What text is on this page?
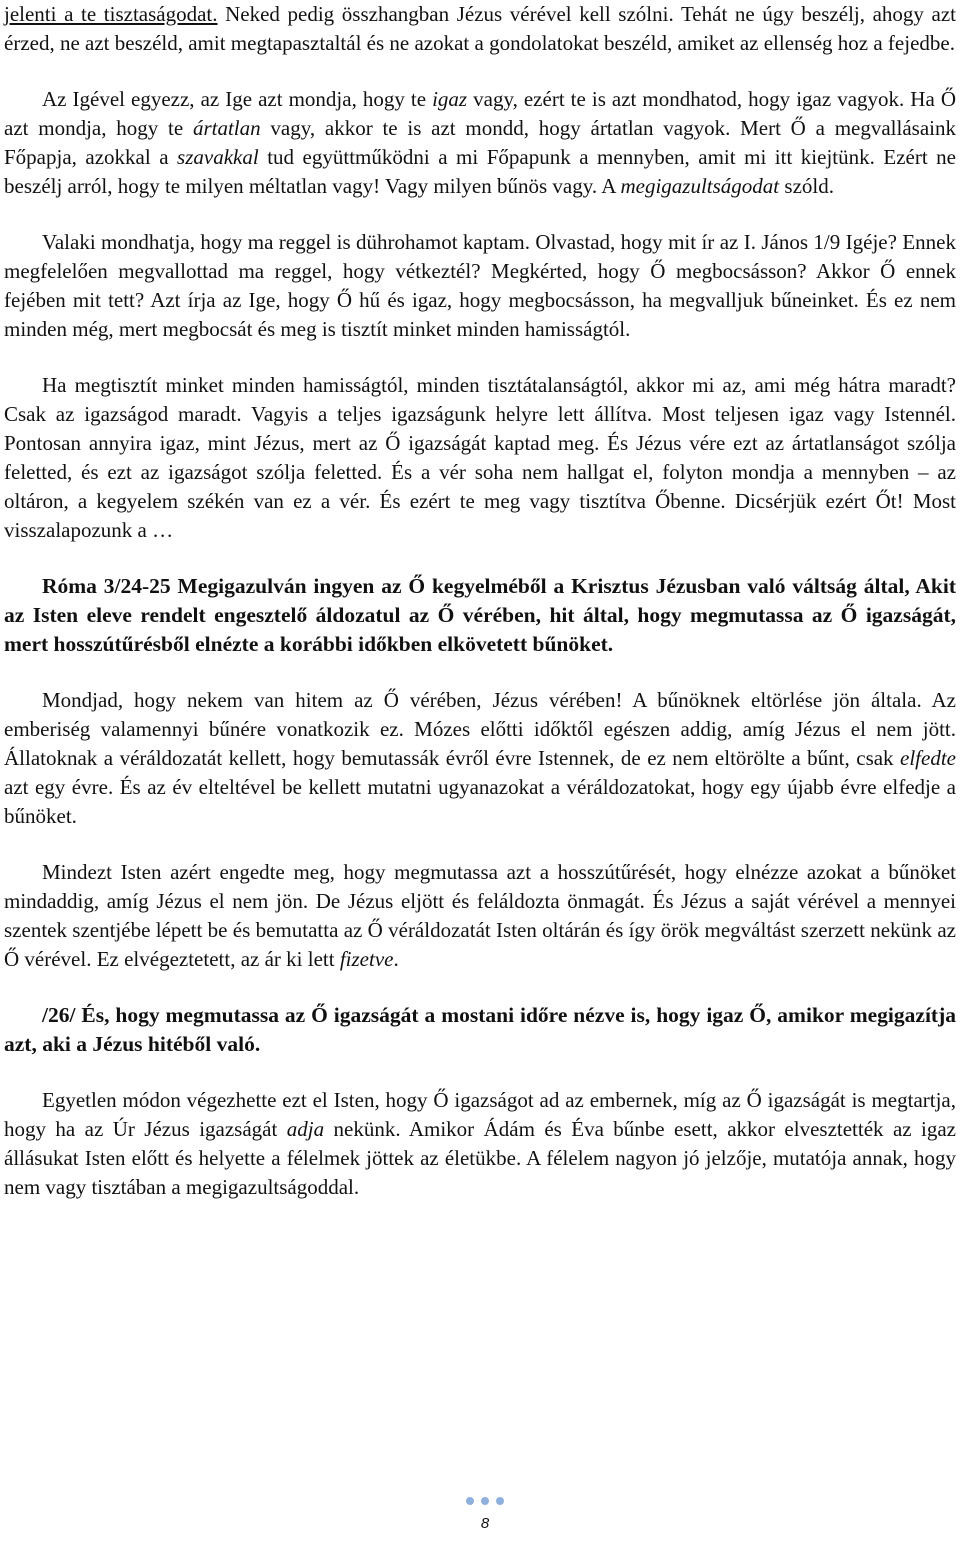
jelenti a te tisztaságodat. Neked pedig összhangban Jézus vérével kell szólni. Tehát ne úgy beszélj, ahogy azt érzed, ne azt beszéld, amit megtapasztaltál és ne azokat a gondolatokat beszéld, amiket az ellenség hoz a fejedbe.

Az Igével egyezz, az Ige azt mondja, hogy te igaz vagy, ezért te is azt mondhatod, hogy igaz vagyok. Ha Ő azt mondja, hogy te ártatlan vagy, akkor te is azt mondd, hogy ártatlan vagyok. Mert Ő a megvallásaink Főpapja, azokkal a szavakkal tud együttműködni a mi Főpapunk a mennyben, amit mi itt kiejtünk. Ezért ne beszélj arról, hogy te milyen méltatlan vagy! Vagy milyen bűnös vagy. A megigazultságodat szóld.

Valaki mondhatja, hogy ma reggel is dührohamot kaptam. Olvastad, hogy mit ír az I. János 1/9 Igéje? Ennek megfelelően megvallottad ma reggel, hogy vétkeztél? Megkérted, hogy Ő megbocsásson? Akkor Ő ennek fejében mit tett? Azt írja az Ige, hogy Ő hű és igaz, hogy megbocsásson, ha megvalljuk bűneinket. És ez nem minden még, mert megbocsát és meg is tisztít minket minden hamisságtól.

Ha megtisztít minket minden hamisságtól, minden tisztátalanságtól, akkor mi az, ami még hátra maradt? Csak az igazságod maradt. Vagyis a teljes igazságunk helyre lett állítva. Most teljesen igaz vagy Istennél. Pontosan annyira igaz, mint Jézus, mert az Ő igazságát kaptad meg. És Jézus vére ezt az ártatlanságot szólja feletted, és ezt az igazságot szólja feletted. És a vér soha nem hallgat el, folyton mondja a mennyben – az oltáron, a kegyelem székén van ez a vér. És ezért te meg vagy tisztítva Őbenne. Dicsérjük ezért Őt! Most visszalapozunk a …

Róma 3/24-25 Megigazulván ingyen az Ő kegyelméből a Krisztus Jézusban való váltság által, Akit az Isten eleve rendelt engesztelő áldozatul az Ő vérében, hit által, hogy megmutassa az Ő igazságát, mert hosszútűrésből elnézte a korábbi időkben elkövetett bűnöket.

Mondjad, hogy nekem van hitem az Ő vérében, Jézus vérében! A bűnöknek eltörlése jön általa. Az emberiség valamennyi bűnére vonatkozik ez. Mózes előtti időktől egészen addig, amíg Jézus el nem jött. Állatoknak a véráldozatát kellett, hogy bemutassák évről évre Istennek, de ez nem eltörölte a bűnt, csak elfedte azt egy évre. És az év elteltével be kellett mutatni ugyanazokat a véráldozatokat, hogy egy újabb évre elfedje a bűnöket.

Mindezt Isten azért engedte meg, hogy megmutassa azt a hosszútűrését, hogy elnézze azokat a bűnöket mindaddig, amíg Jézus el nem jön. De Jézus eljött és feláldozta önmagát. És Jézus a saját vérével a mennyei szentek szentjébe lépett be és bemutatta az Ő véráldozatát Isten oltárán és így örök megváltást szerzett nekünk az Ő vérével. Ez elvégeztetett, az ár ki lett fizetve.

/26/ És, hogy megmutassa az Ő igazságát a mostani időre nézve is, hogy igaz Ő, amikor megigazítja azt, aki a Jézus hitéből való.

Egyetlen módon végezhette ezt el Isten, hogy Ő igazságot ad az embernek, míg az Ő igazságát is megtartja, hogy ha az Úr Jézus igazságát adja nekünk. Amikor Ádám és Éva bűnbe esett, akkor elvesztették az igaz állásukat Isten előtt és helyette a félelmek jöttek az életükbe. A félelem nagyon jó jelzője, mutatója annak, hogy nem vagy tisztában a megigazultságoddal.

8
